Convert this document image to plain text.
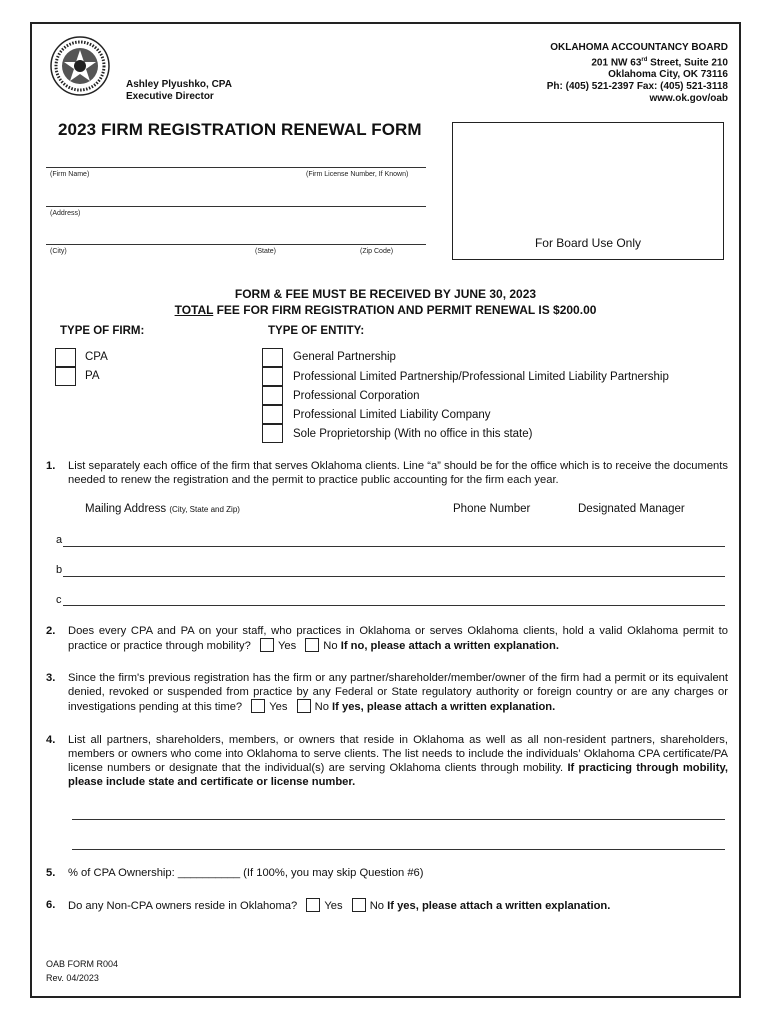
Ashley Plyushko, CPA
Executive Director
OKLAHOMA ACCOUNTANCY BOARD
201 NW 63rd Street, Suite 210
Oklahoma City, OK 73116
Ph: (405) 521-2397 Fax: (405) 521-3118
www.ok.gov/oab
2023 FIRM REGISTRATION RENEWAL FORM
For Board Use Only
(Firm Name)	(Firm License Number, If Known)
(Address)
(City)	(State)	(Zip Code)
FORM & FEE MUST BE RECEIVED BY JUNE 30, 2023
TOTAL FEE FOR FIRM REGISTRATION AND PERMIT RENEWAL IS $200.00
TYPE OF FIRM:
CPA
PA
TYPE OF ENTITY:
General Partnership
Professional Limited Partnership/Professional Limited Liability Partnership
Professional Corporation
Professional Limited Liability Company
Sole Proprietorship (With no office in this state)
1. List separately each office of the firm that serves Oklahoma clients. Line “a” should be for the office which is to receive the documents needed to renew the registration and the permit to practice public accounting for the firm each year.
Mailing Address (City, State and Zip)	Phone Number	Designated Manager
a
b
c
2. Does every CPA and PA on your staff, who practices in Oklahoma or serves Oklahoma clients, hold a valid Oklahoma permit to practice or practice through mobility? Yes No If no, please attach a written explanation.
3. Since the firm's previous registration has the firm or any partner/shareholder/member/owner of the firm had a permit or its equivalent denied, revoked or suspended from practice by any Federal or State regulatory authority or foreign country or are any charges or investigations pending at this time? Yes No If yes, please attach a written explanation.
4. List all partners, shareholders, members, or owners that reside in Oklahoma as well as all non-resident partners, shareholders, members or owners who come into Oklahoma to serve clients. The list needs to include the individuals’ Oklahoma CPA certificate/PA license numbers or designate that the individual(s) are serving Oklahoma clients through mobility. If practicing through mobility, please include state and certificate or license number.
5. % of CPA Ownership: __________ (If 100%, you may skip Question #6)
6. Do any Non-CPA owners reside in Oklahoma? Yes No If yes, please attach a written explanation.
OAB FORM R004
Rev. 04/2023
